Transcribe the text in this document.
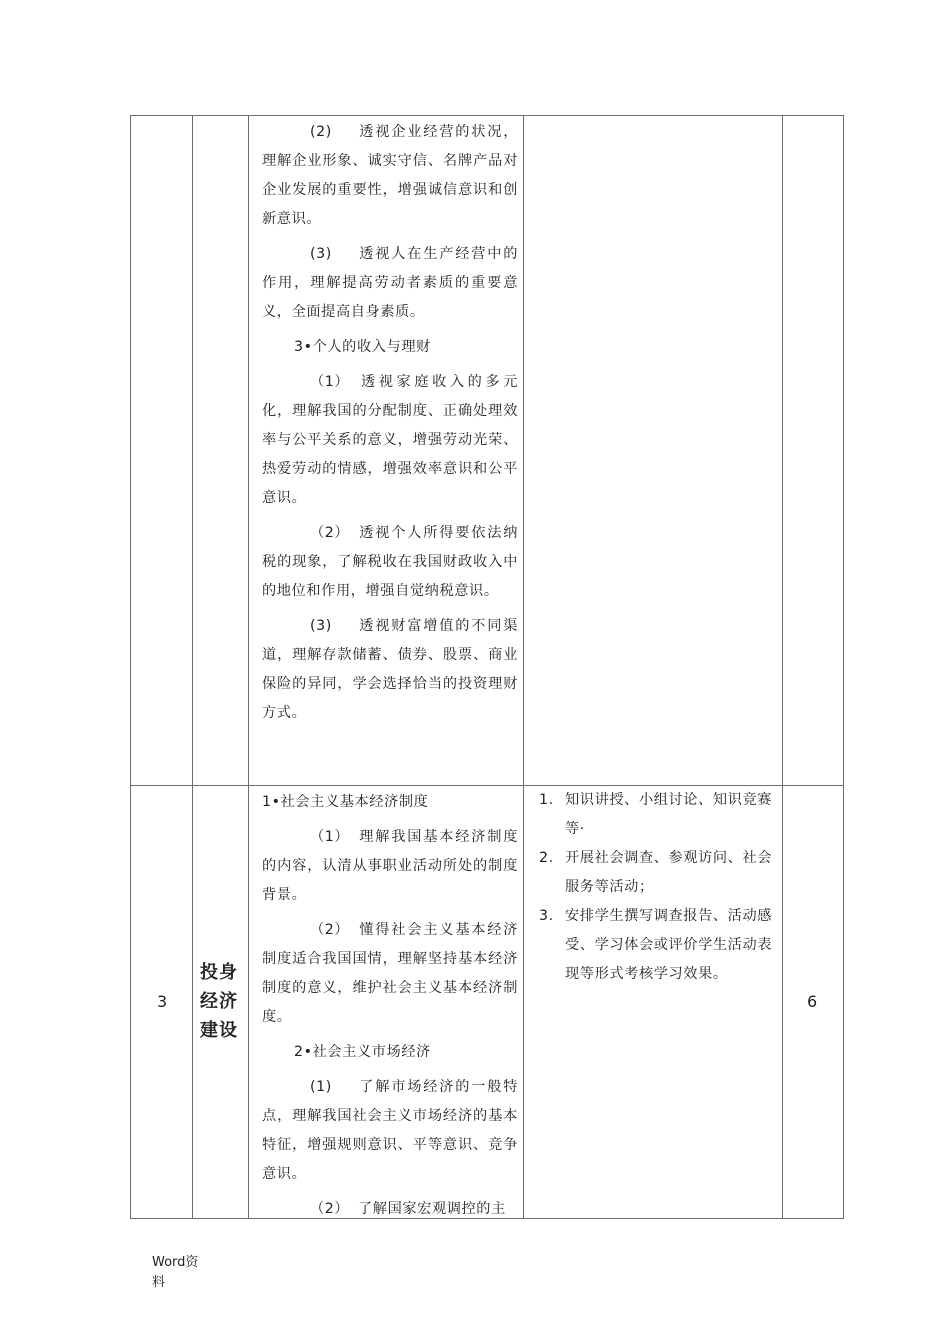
(2) 透视企业经营的状况，理解企业形象、诚实守信、名牌产品对企业发展的重要性，增强诚信意识和创新意识。

(3) 透视人在生产经营中的作用，理解提高劳动者素质的重要意义，全面提高自身素质。

3•个人的收入与理财

（1） 透视家庭收入的多元化，理解我国的分配制度、正确处理效率与公平关系的意义，增强劳动光荣、热爱劳动的情感，增强效率意识和公平意识。

（2） 透视个人所得要依法纳税的现象，了解税收在我国财政收入中的地位和作用，增强自觉纳税意识。

(3) 透视财富增值的不同渠道，理解存款储蓄、债券、股票、商业保险的异同，学会选择恰当的投资理财方式。

3
投身经济建设
6

1•社会主义基本经济制度

（1） 理解我国基本经济制度的内容，认清从事职业活动所处的制度背景。

（2） 懂得社会主义基本经济制度适合我国国情，理解坚持基本经济制度的意义，维护社会主义基本经济制度。

2•社会主义市场经济

(1) 了解市场经济的一般特点，理解我国社会主义市场经济的基本特征，增强规则意识、平等意识、竞争意识。

（2） 了解国家宏观调控的主

1. 知识讲授、小组讨论、知识竞赛等·
2. 开展社会调查、参观访问、社会服务等活动；
3. 安排学生撰写调查报告、活动感受、学习体会或评价学生活动表现等形式考核学习效果。
Word资
料
